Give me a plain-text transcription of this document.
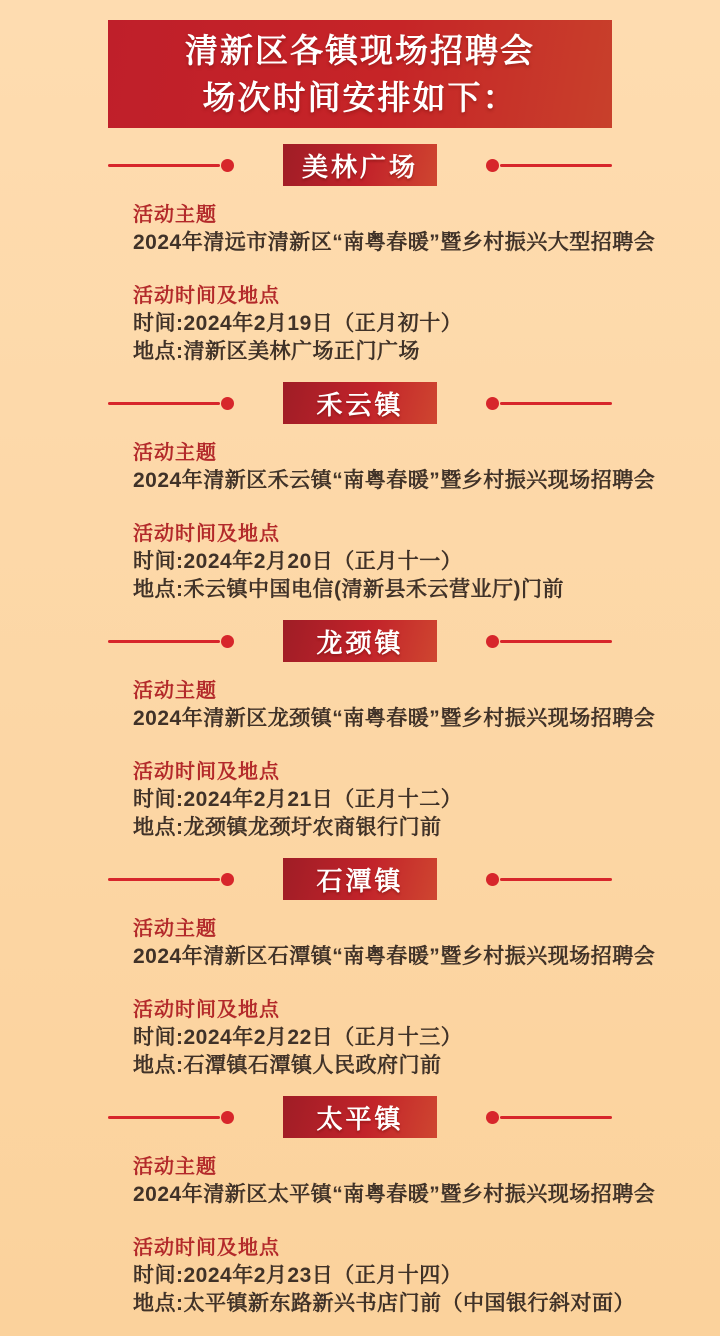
清新区各镇现场招聘会
场次时间安排如下：
美林广场
活动主题
2024年清远市清新区“南粤春暖”暨乡村振兴大型招聘会
活动时间及地点
时间:2024年2月19日（正月初十）
地点:清新区美林广场正门广场
禾云镇
活动主题
2024年清新区禾云镇“南粤春暖”暨乡村振兴现场招聘会
活动时间及地点
时间:2024年2月20日（正月十一）
地点:禾云镇中国电信(清新县禾云营业厅)门前
龙颈镇
活动主题
2024年清新区龙颈镇“南粤春暖”暨乡村振兴现场招聘会
活动时间及地点
时间:2024年2月21日（正月十二）
地点:龙颈镇龙颈圩农商银行门前
石潭镇
活动主题
2024年清新区石潭镇“南粤春暖”暨乡村振兴现场招聘会
活动时间及地点
时间:2024年2月22日（正月十三）
地点:石潭镇石潭镇人民政府门前
太平镇
活动主题
2024年清新区太平镇“南粤春暖”暨乡村振兴现场招聘会
活动时间及地点
时间:2024年2月23日（正月十四）
地点:太平镇新东路新兴书店门前（中国银行斜对面）
